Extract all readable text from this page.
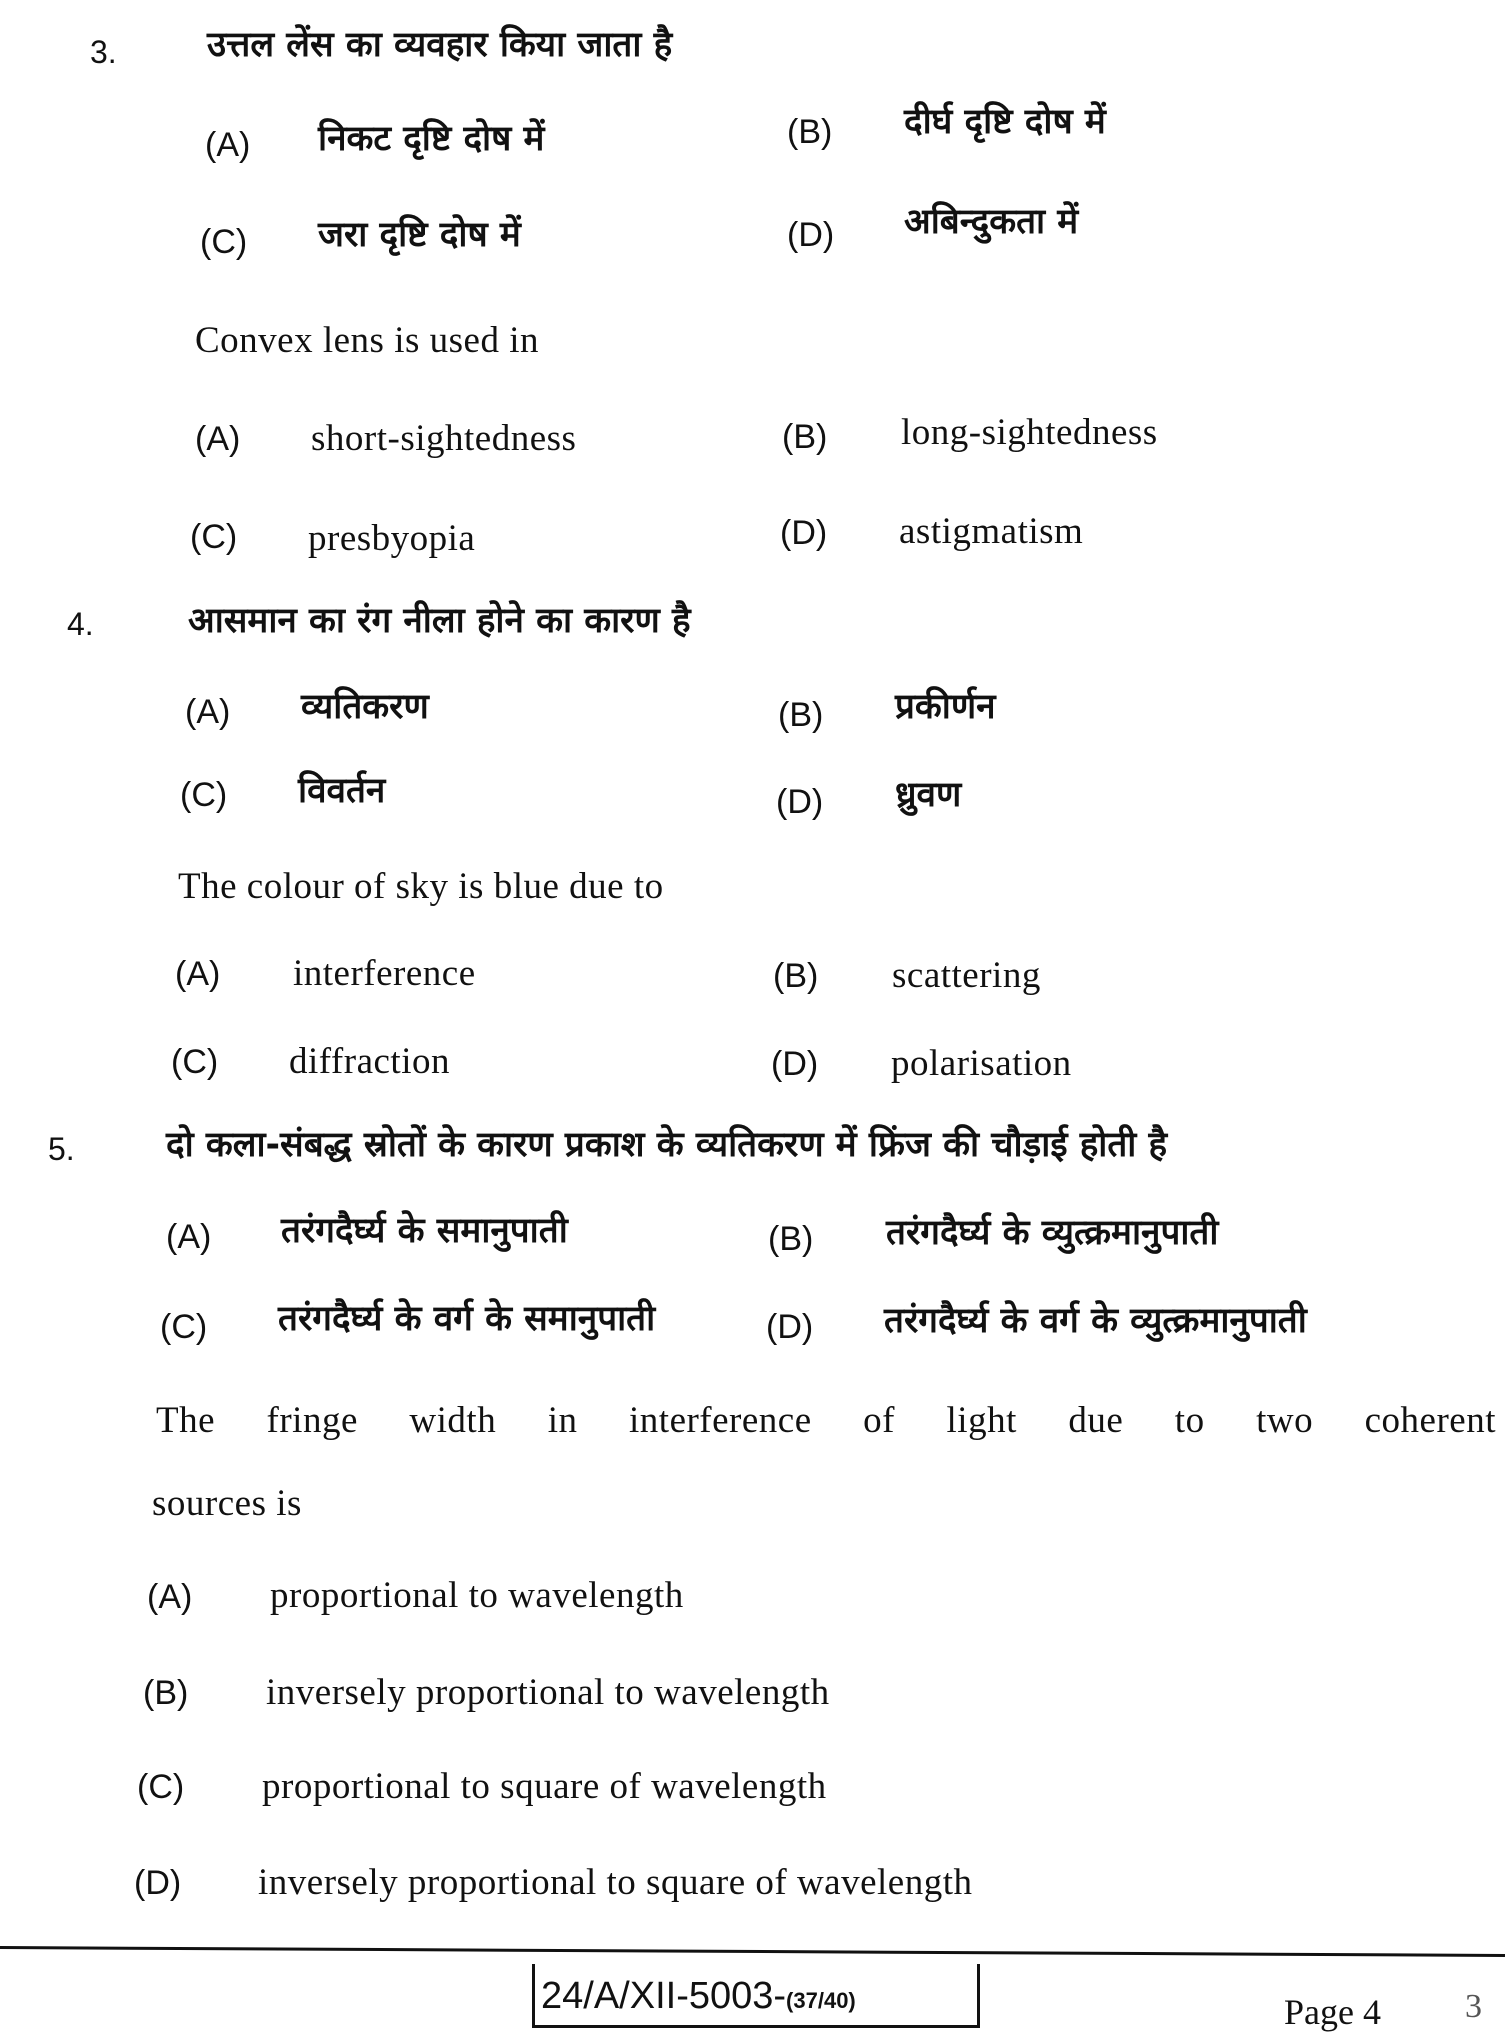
3.	उत्तल लेंस का व्यवहार किया जाता है
(A) निकट दृष्टि दोष में	(B) दीर्घ दृष्टि दोष में
(C) जरा दृष्टि दोष में	(D) अबिन्दुकता में
Convex lens is used in
(A) short-sightedness	(B) long-sightedness
(C) presbyopia	(D) astigmatism
4.	आसमान का रंग नीला होने का कारण है
(A) व्यतिकरण	(B) प्रकीर्णन
(C) विवर्तन	(D) ध्रुवण
The colour of sky is blue due to
(A) interference	(B) scattering
(C) diffraction	(D) polarisation
5.	दो कला-संबद्ध स्रोतों के कारण प्रकाश के व्यतिकरण में फ्रिंज की चौड़ाई होती है
(A) तरंगदैर्घ्य के समानुपाती	(B) तरंगदैर्घ्य के व्युत्क्रमानुपाती
(C) तरंगदैर्घ्य के वर्ग के समानुपाती	(D) तरंगदैर्घ्य के वर्ग के व्युत्क्रमानुपाती
The fringe width in interference of light due to two coherent
sources is
(A) proportional to wavelength
(B) inversely proportional to wavelength
(C) proportional to square of wavelength
(D) inversely proportional to square of wavelength
24/A/XII-5003-(37/40)	Page 4 3
